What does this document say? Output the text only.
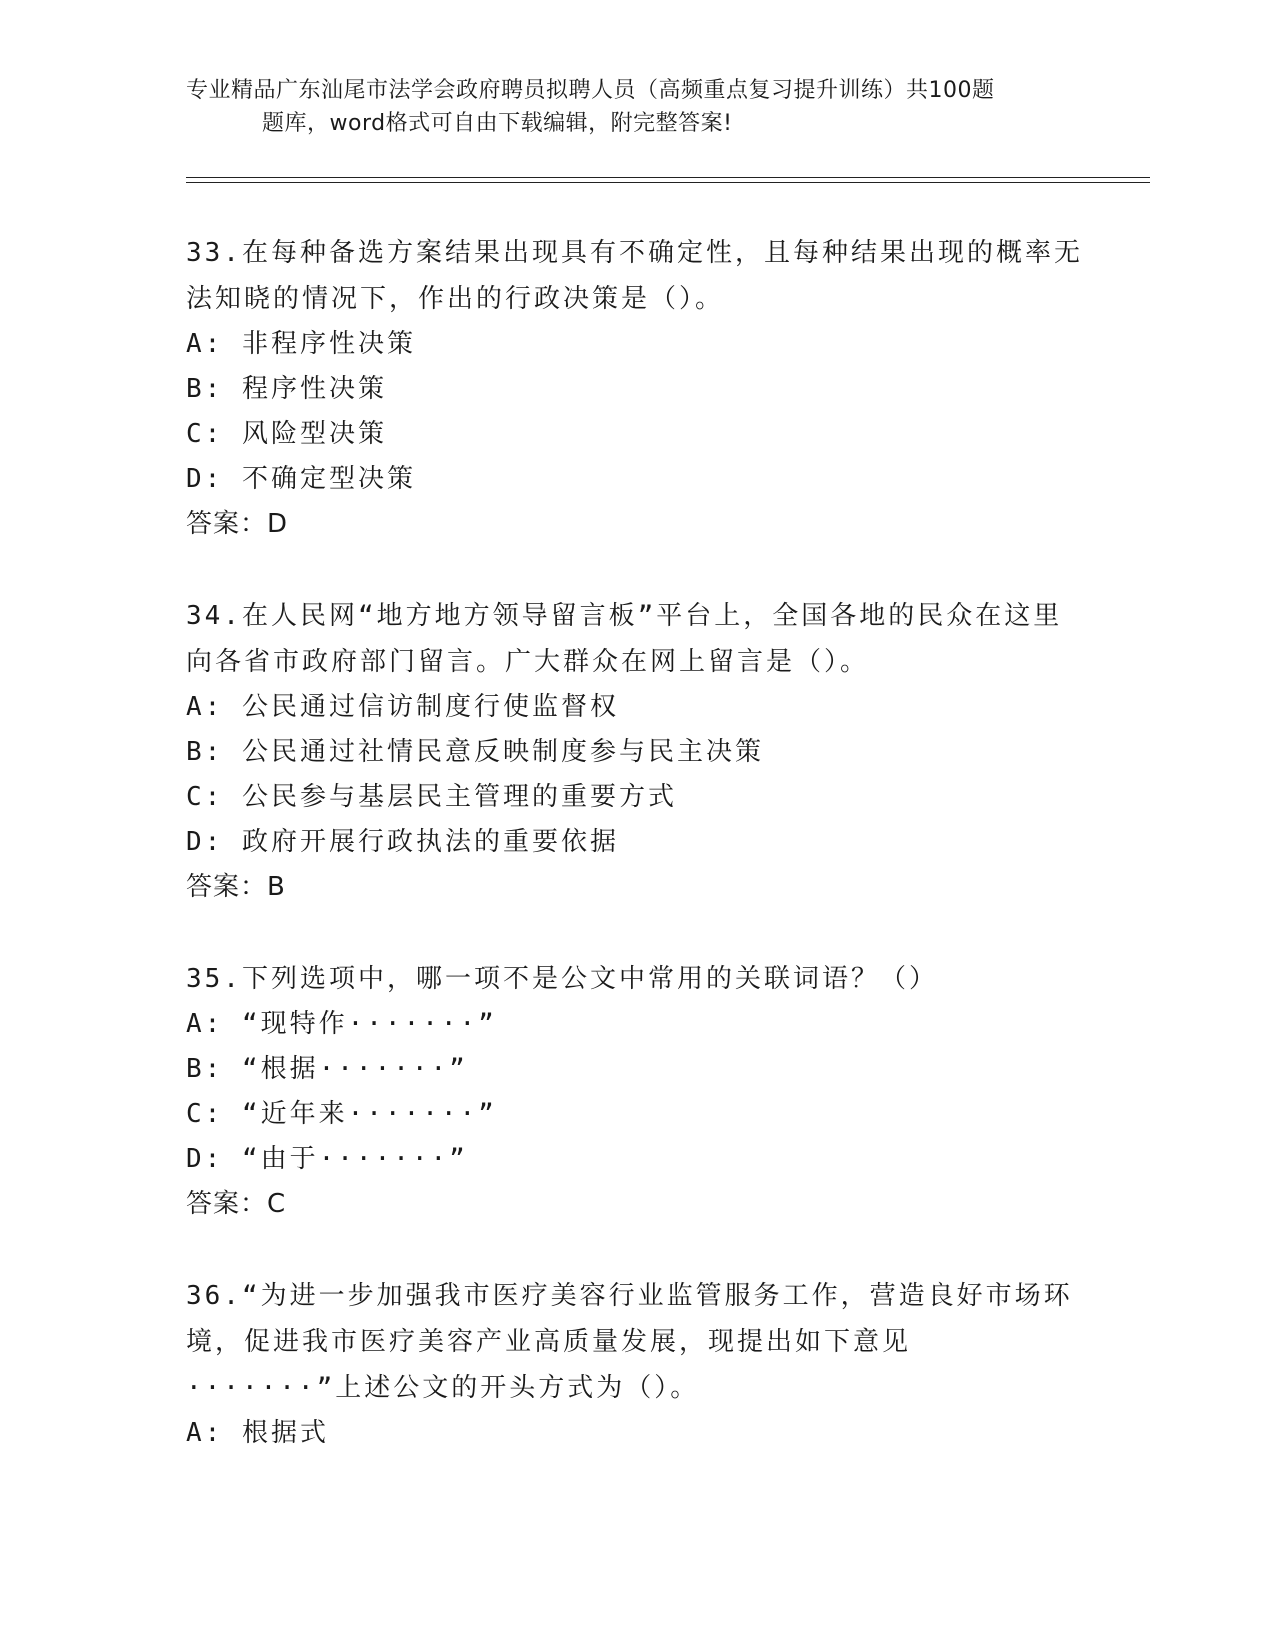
专业精品广东汕尾市法学会政府聘员拟聘人员（高频重点复习提升训练）共100题
题库，word格式可自由下载编辑，附完整答案!
33.在每种备选方案结果出现具有不确定性，且每种结果出现的概率无
法知晓的情况下，作出的行政决策是（）。
A: 非程序性决策
B: 程序性决策
C: 风险型决策
D: 不确定型决策
答案：D
34.在人民网“地方地方领导留言板”平台上，全国各地的民众在这里
向各省市政府部门留言。广大群众在网上留言是（）。
A: 公民通过信访制度行使监督权
B: 公民通过社情民意反映制度参与民主决策
C: 公民参与基层民主管理的重要方式
D: 政府开展行政执法的重要依据
答案：B
35.下列选项中，哪一项不是公文中常用的关联词语？（）
A: “现特作·······”
B: “根据·······”
C: “近年来·······”
D: “由于·······”
答案：C
36.“为进一步加强我市医疗美容行业监管服务工作，营造良好市场环
境，促进我市医疗美容产业高质量发展，现提出如下意见
·······”上述公文的开头方式为（）。
A: 根据式
